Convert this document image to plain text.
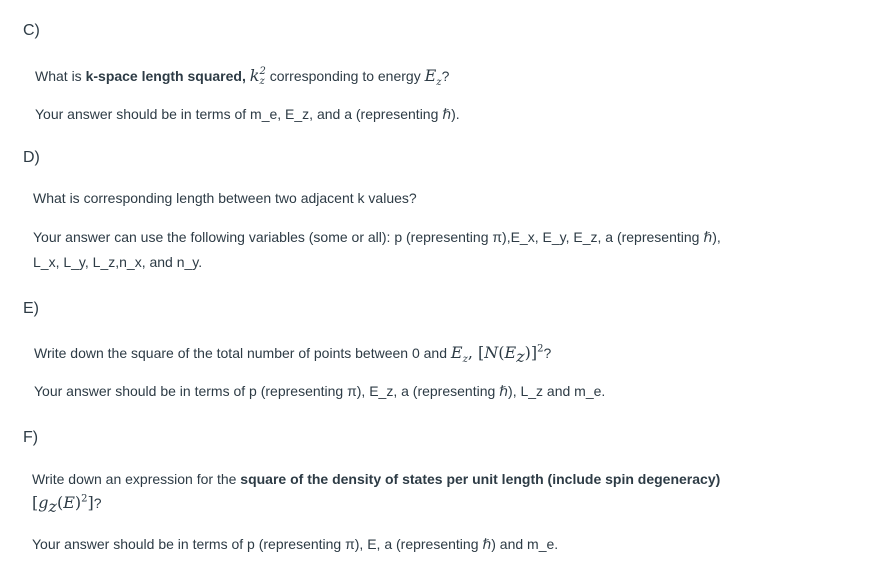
C)
What is k-space length squared, k 2
z corresponding to energy $E_z$?
Your answer should be in terms of m_e, E_z, and a (representing ℏ).
D)
What is corresponding length between two adjacent k values?
Your answer can use the following variables (some or all): p (representing π),E_x, E_y, E_z, a (representing ℏ),
L_x, L_y, L_z,n_x, and n_y.
E)
Write down the square of the total number of points between 0 and $E_z$, $[N(E_z)]^2$?
Your answer should be in terms of p (representing π), E_z, a (representing ℏ), L_z and m_e.
F)
Write down an expression for the square of the density of states per unit length (include spin degeneracy)
$[g_z(E)^2]$?
Your answer should be in terms of p (representing π), E, a (representing ℏ) and m_e.
